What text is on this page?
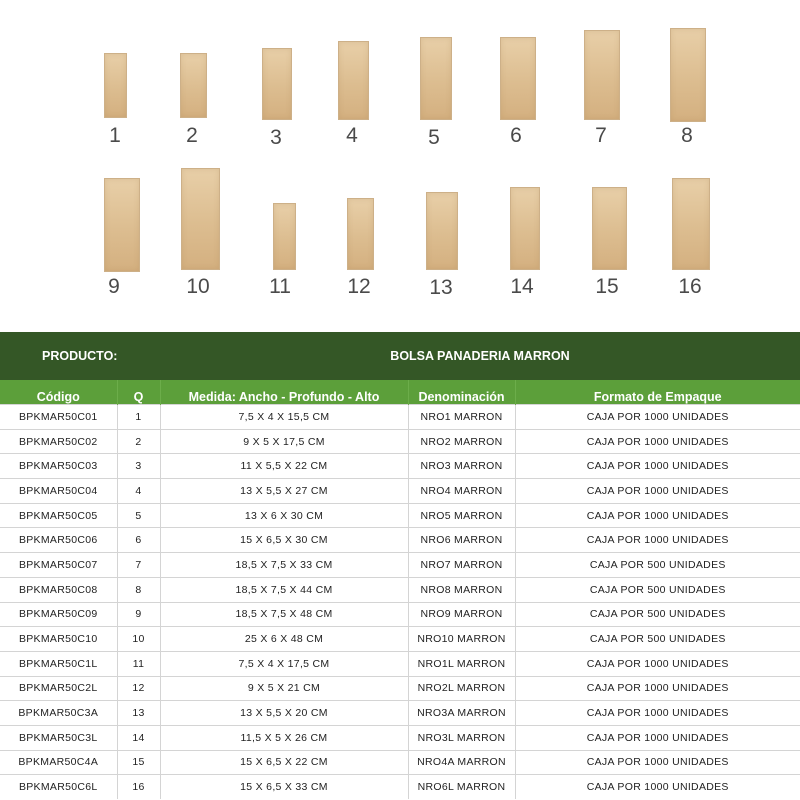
1	2	3	4	5	6	7	8
9	10	11	12	13	14	15	16
PRODUCTO:	BOLSA PANADERIA MARRON
Código	Q	Medida: Ancho - Profundo - Alto	Denominación	Formato de Empaque
BPKMAR50C01	1	7,5 X 4 X 15,5 CM	NRO1 MARRON	CAJA POR 1000 UNIDADES
BPKMAR50C02	2	9 X 5 X 17,5 CM	NRO2 MARRON	CAJA POR 1000 UNIDADES
BPKMAR50C03	3	11 X 5,5 X 22 CM	NRO3 MARRON	CAJA POR 1000 UNIDADES
BPKMAR50C04	4	13 X 5,5 X 27 CM	NRO4 MARRON	CAJA POR 1000 UNIDADES
BPKMAR50C05	5	13 X 6 X 30 CM	NRO5 MARRON	CAJA POR 1000 UNIDADES
BPKMAR50C06	6	15 X 6,5 X 30 CM	NRO6 MARRON	CAJA POR 1000 UNIDADES
BPKMAR50C07	7	18,5 X 7,5 X 33 CM	NRO7 MARRON	CAJA POR 500 UNIDADES
BPKMAR50C08	8	18,5 X 7,5 X 44 CM	NRO8 MARRON	CAJA POR 500 UNIDADES
BPKMAR50C09	9	18,5 X 7,5 X 48 CM	NRO9 MARRON	CAJA POR 500 UNIDADES
BPKMAR50C10	10	25 X 6 X 48 CM	NRO10 MARRON	CAJA POR 500 UNIDADES
BPKMAR50C1L	11	7,5 X 4 X 17,5 CM	NRO1L MARRON	CAJA POR 1000 UNIDADES
BPKMAR50C2L	12	9 X 5 X 21 CM	NRO2L MARRON	CAJA POR 1000 UNIDADES
BPKMAR50C3A	13	13 X 5,5 X 20 CM	NRO3A MARRON	CAJA POR 1000 UNIDADES
BPKMAR50C3L	14	11,5 X 5 X 26 CM	NRO3L MARRON	CAJA POR 1000 UNIDADES
BPKMAR50C4A	15	15 X 6,5 X 22 CM	NRO4A MARRON	CAJA POR 1000 UNIDADES
BPKMAR50C6L	16	15 X 6,5 X 33 CM	NRO6L MARRON	CAJA POR 1000 UNIDADES
